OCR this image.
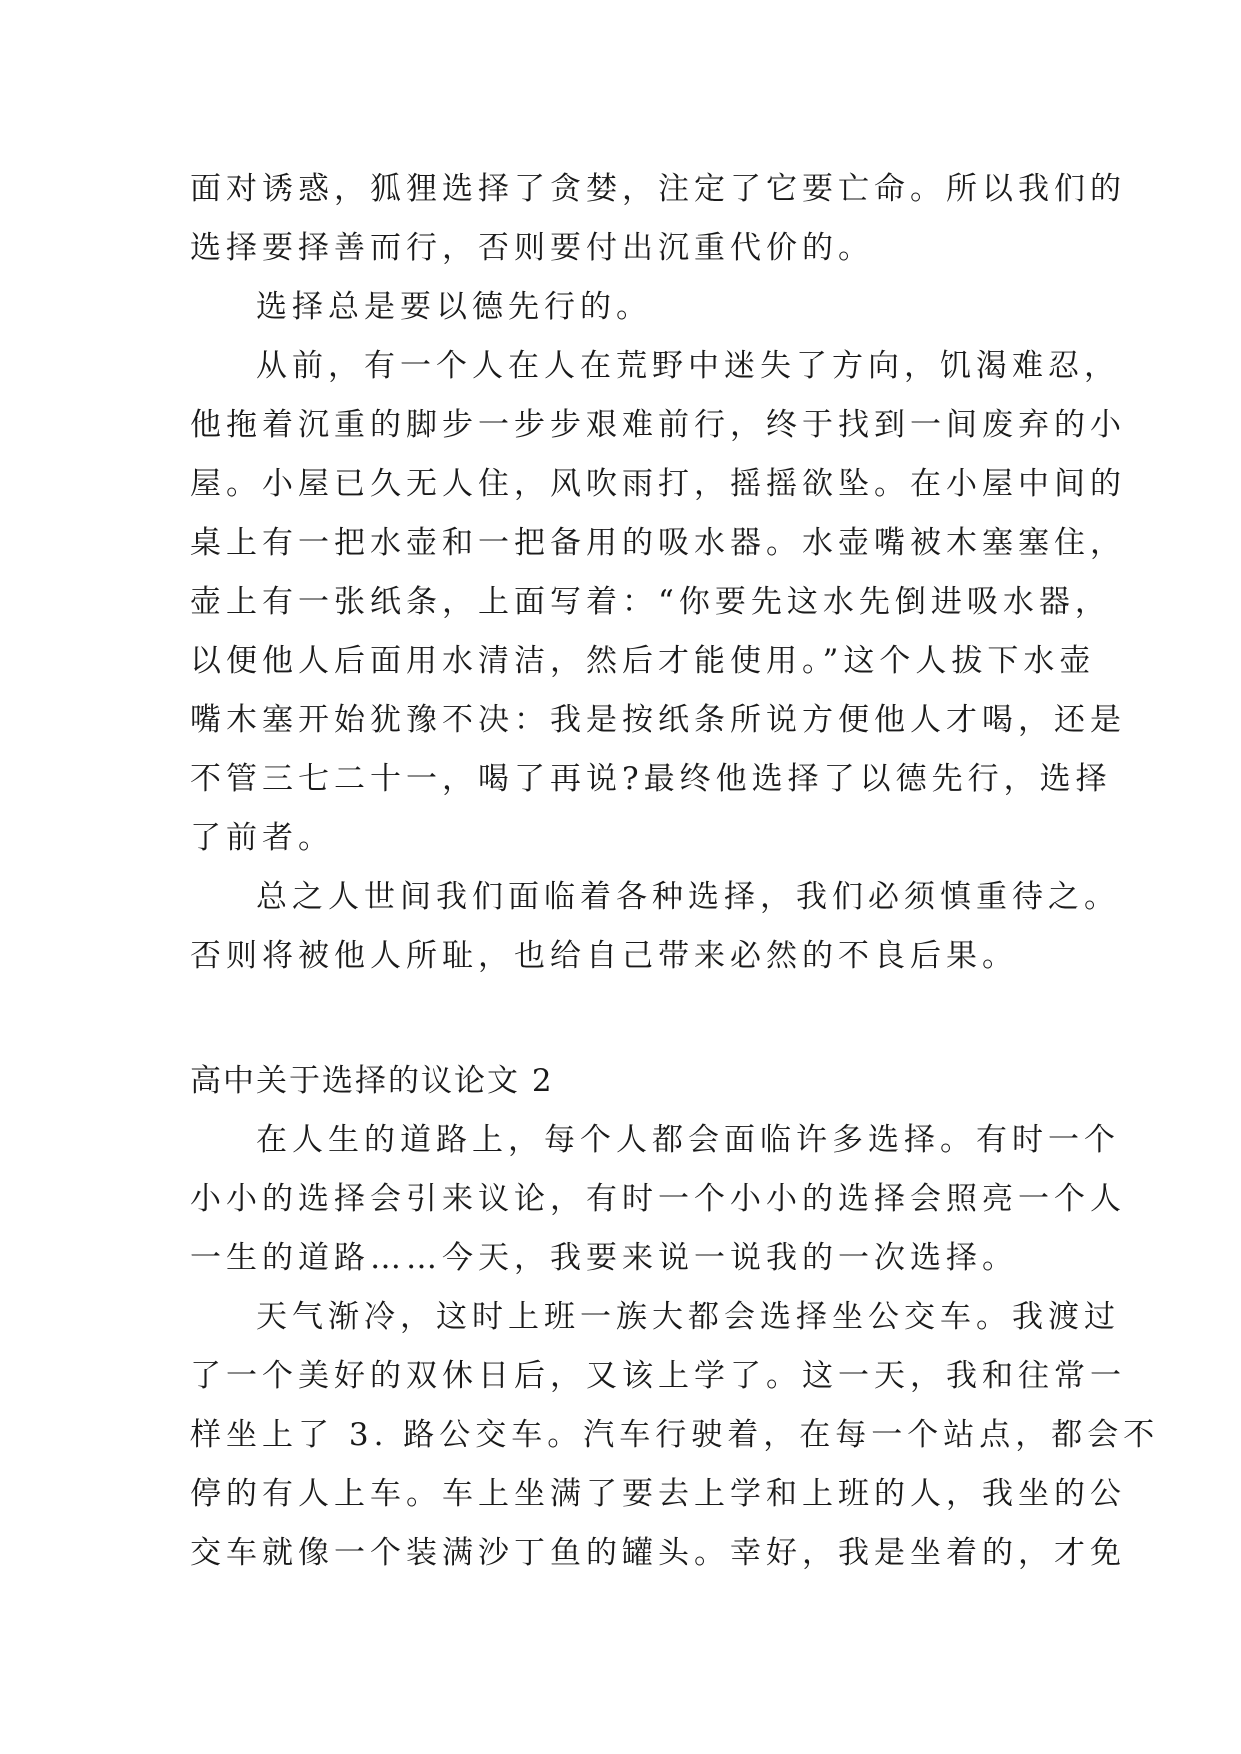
面对诱惑，狐狸选择了贪婪，注定了它要亡命。所以我们的
选择要择善而行，否则要付出沉重代价的。
选择总是要以德先行的。
从前，有一个人在人在荒野中迷失了方向，饥渴难忍，
他拖着沉重的脚步一步步艰难前行，终于找到一间废弃的小
屋。小屋已久无人住，风吹雨打，摇摇欲坠。在小屋中间的
桌上有一把水壶和一把备用的吸水器。水壶嘴被木塞塞住，
壶上有一张纸条，上面写着：“你要先这水先倒进吸水器，
以便他人后面用水清洁，然后才能使用。”这个人拔下水壶
嘴木塞开始犹豫不决：我是按纸条所说方便他人才喝，还是
不管三七二十一，喝了再说?最终他选择了以德先行，选择
了前者。
总之人世间我们面临着各种选择，我们必须慎重待之。
否则将被他人所耻，也给自己带来必然的不良后果。
高中关于选择的议论文 2
在人生的道路上，每个人都会面临许多选择。有时一个
小小的选择会引来议论，有时一个小小的选择会照亮一个人
一生的道路……今天，我要来说一说我的一次选择。
天气渐冷，这时上班一族大都会选择坐公交车。我渡过
了一个美好的双休日后，又该上学了。这一天，我和往常一
样坐上了 3. 路公交车。汽车行驶着，在每一个站点，都会不
停的有人上车。车上坐满了要去上学和上班的人，我坐的公
交车就像一个装满沙丁鱼的罐头。幸好，我是坐着的，才免
